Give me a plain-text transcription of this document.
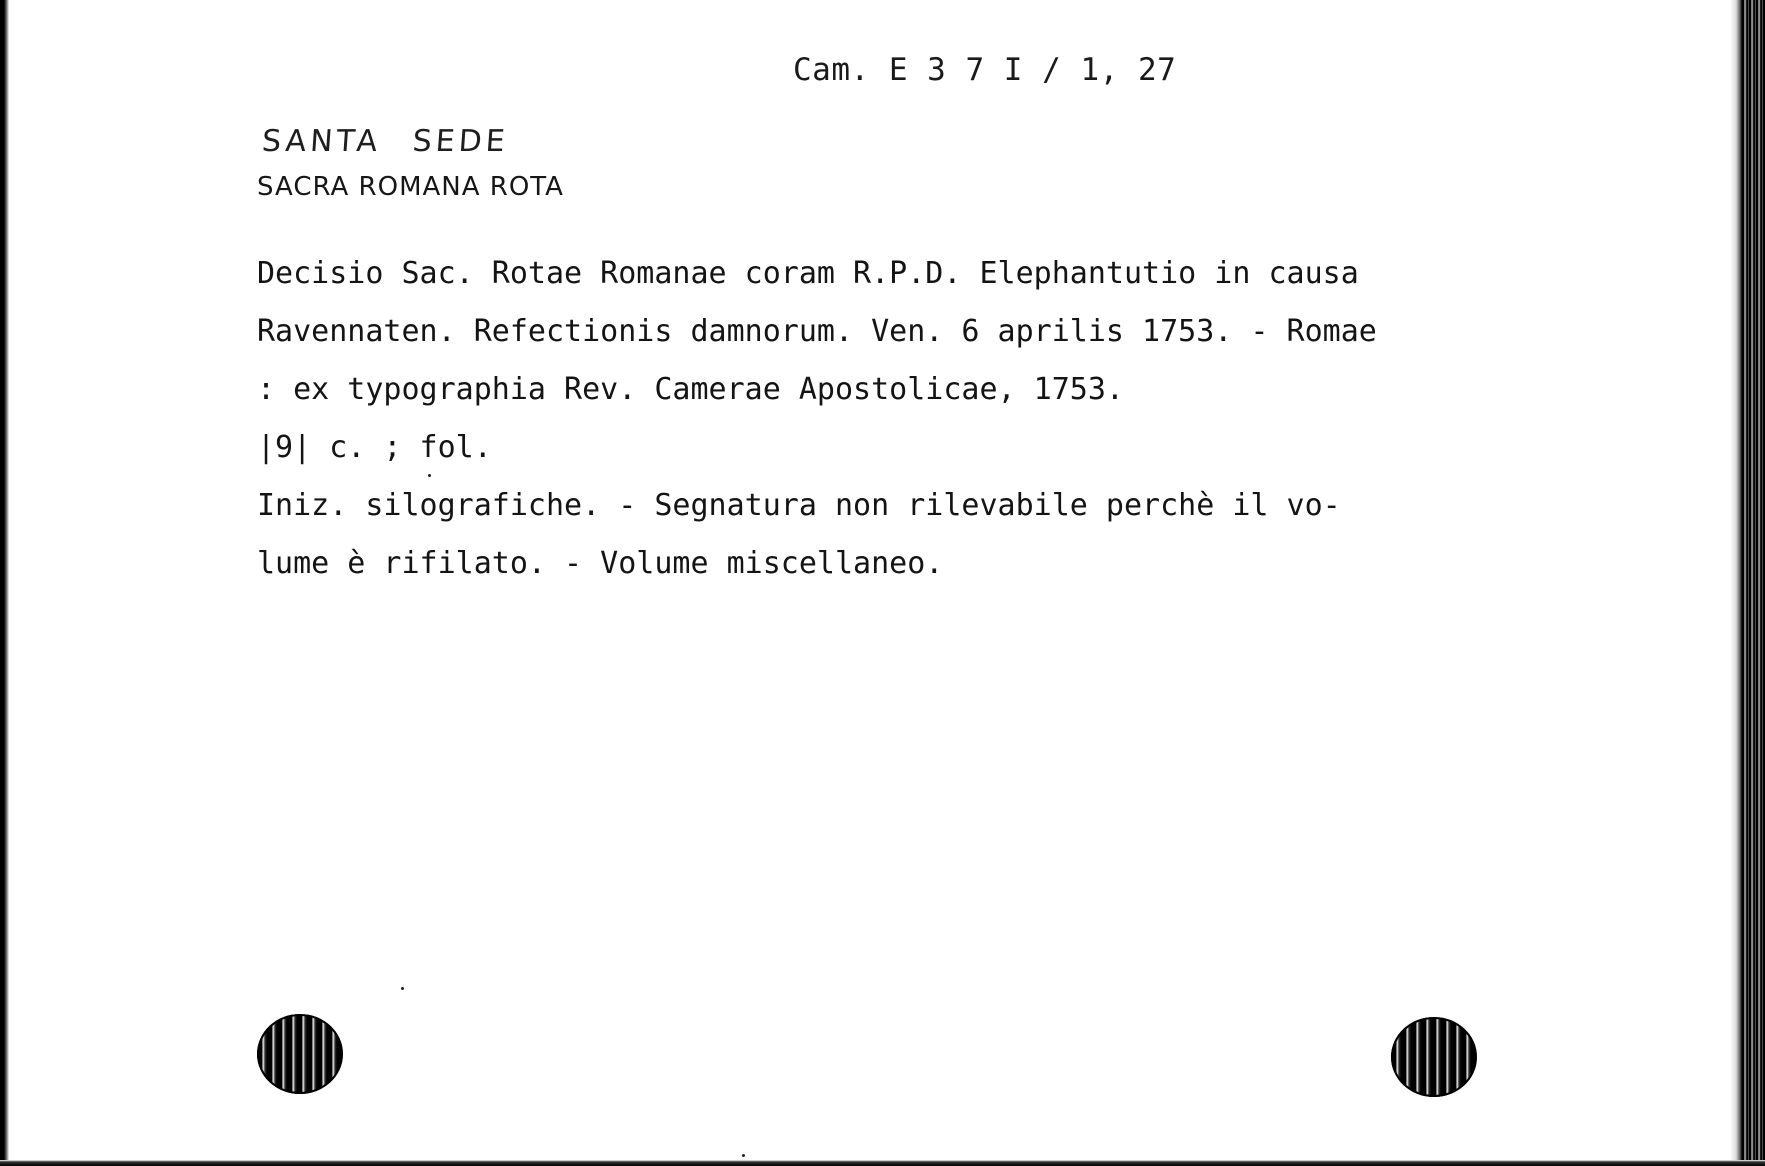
Cam. E 3 7 I / 1, 27
SANTA SEDE
SACRA ROMANA ROTA
Decisio Sac. Rotae Romanae coram R.P.D. Elephantutio in causa
Ravennaten. Refectionis damnorum. Ven. 6 aprilis 1753. - Romae
: ex typographia Rev. Camerae Apostolicae, 1753.
|9| c. ; fol.
Iniz. silografiche. - Segnatura non rilevabile perchè il vo-
lume è rifilato. - Volume miscellaneo.
